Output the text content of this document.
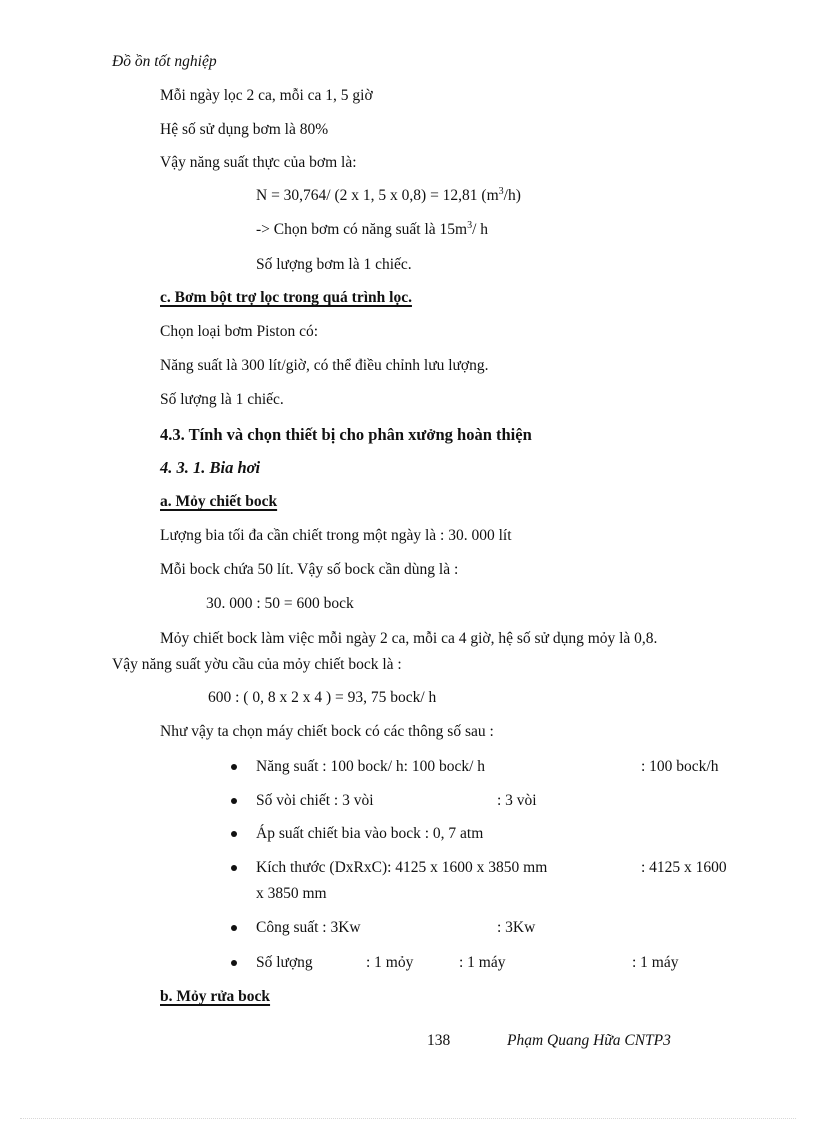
Đồ ồn tốt nghiệp
Mỗi ngày lọc 2 ca, mỗi ca 1, 5 giờ
Hệ số sử dụng bơm là 80%
Vậy năng suất thực của bơm là:
N = 30,764/ (2 x 1, 5 x 0,8) = 12,81 $(m^3/h)$
-> Chọn bơm có năng suất là $15m^3/$ h
Số lượng bơm là 1 chiếc.
c. Bơm bột trợ lọc trong quá trình lọc.
Chọn loại bơm Piston có:
Năng suất là 300 lít/giờ, có thể điều chỉnh lưu lượng.
Số lượng là 1 chiếc.
4.3. Tính và chọn thiết bị cho phân xưởng hoàn thiện
4. 3. 1. Bia hơi
a. Mỏy chiết bock
Lượng bia tối đa cần chiết trong một ngày là : 30. 000 lít
Mỗi bock chứa 50 lít. Vậy số bock cần dùng là :
30. 000 : 50 = 600 bock
Mỏy chiết bock làm việc mỗi ngày 2 ca, mỗi ca 4 giờ, hệ số sử dụng mỏy là 0,8.
Vậy năng suất yờu cầu của mỏy chiết bock là :
600 : ( 0, 8 x 2 x 4 ) = 93, 75 bock/ h
Như vậy ta chọn máy chiết bock có các thông số sau :
Năng suất : 100 bock/ h: 100 bock/ h	: 100 bock/h
Số vòi chiết : 3 vòi	: 3 vòi
Áp suất chiết bia vào bock : 0, 7 atm
Kích thước (DxRxC): 4125 x 1600 x 3850 mm	: 4125 x 1600
x 3850 mm
Công suất : 3Kw	: 3Kw
Số lượng	: 1 mỏy	: 1 máy	: 1 máy
b. Mỏy rửa bock
138	Phạm Quang Hữa CNTP3
